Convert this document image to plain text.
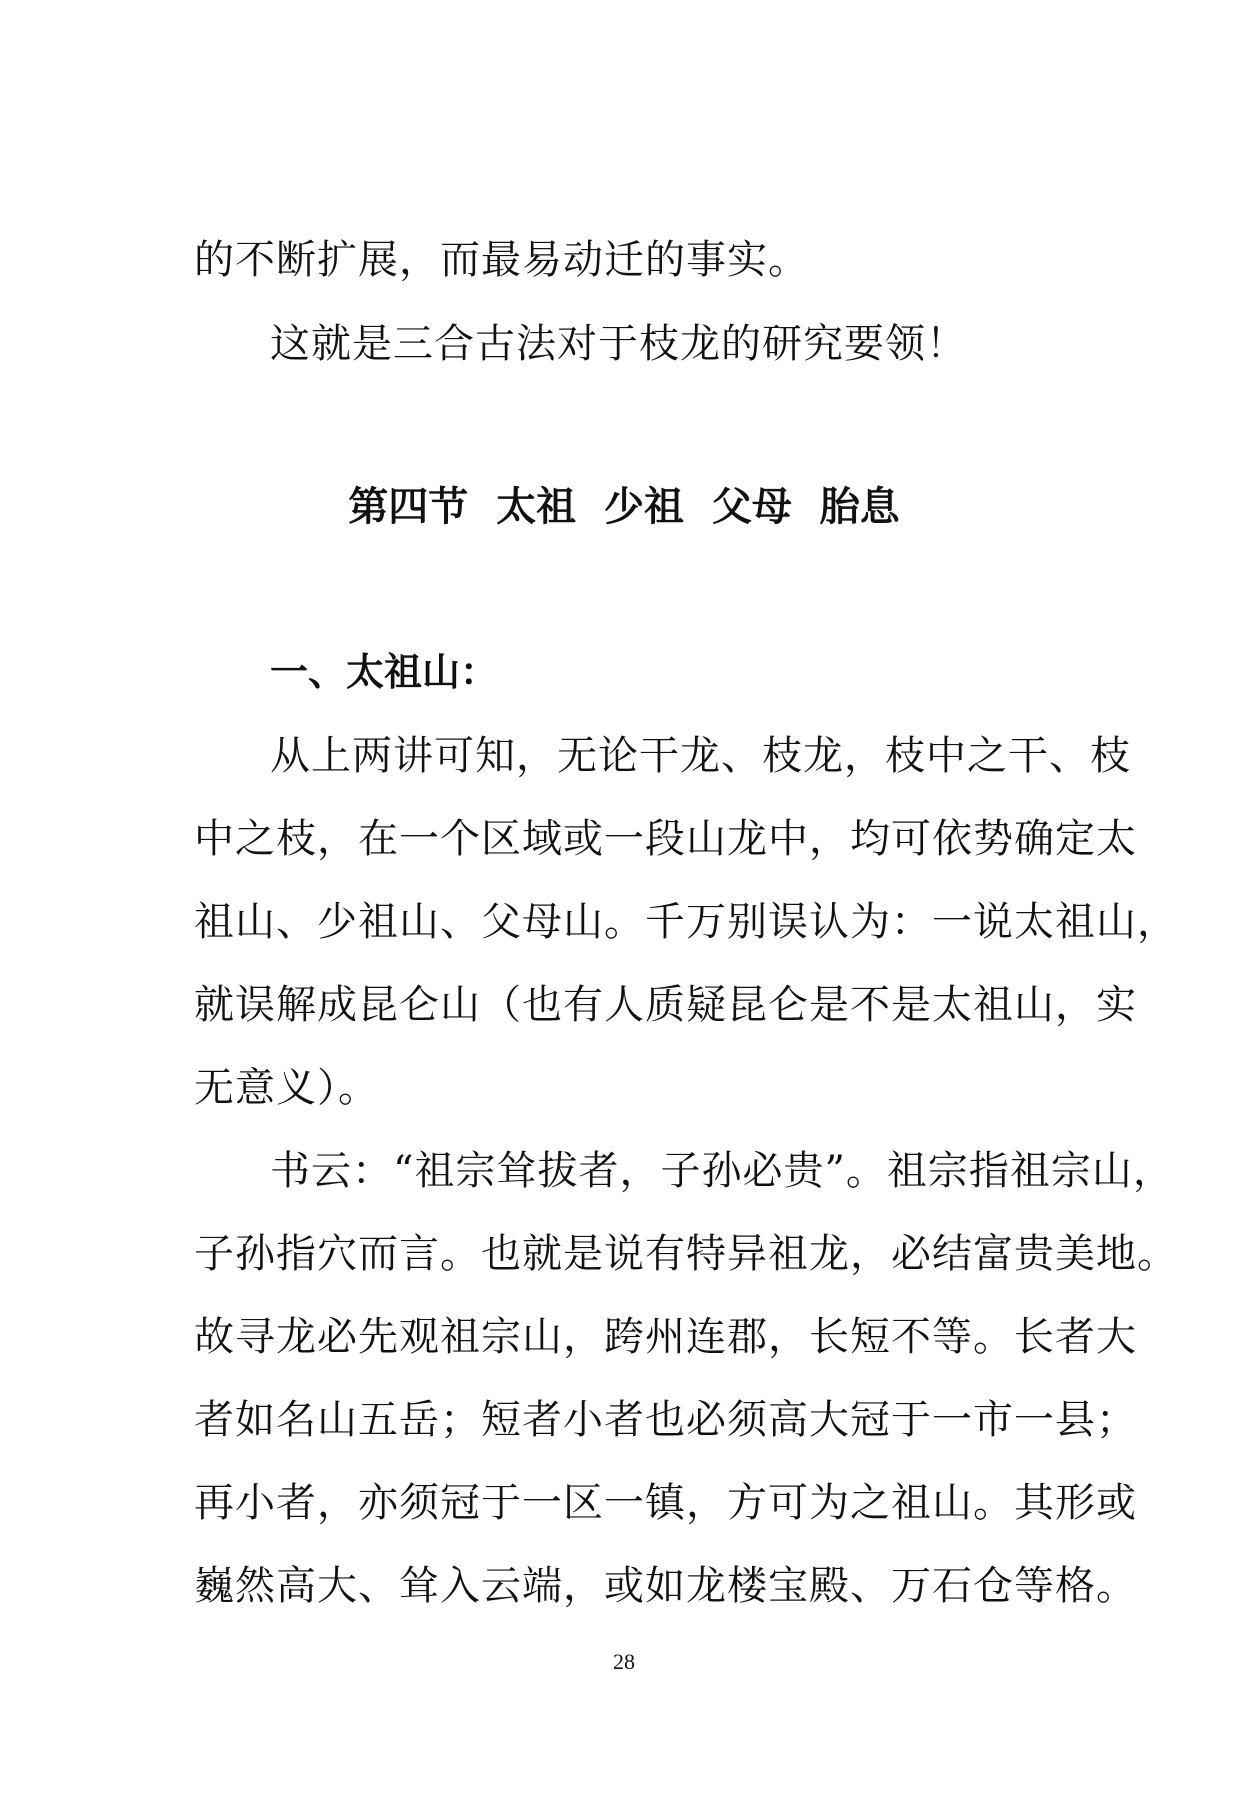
的不断扩展，而最易动迁的事实。
这就是三合古法对于枝龙的研究要领！
第四节  太祖  少祖  父母  胎息
一、太祖山：
从上两讲可知，无论干龙、枝龙，枝中之干、枝
中之枝，在一个区域或一段山龙中，均可依势确定太
祖山、少祖山、父母山。千万别误认为：一说太祖山，
就误解成昆仑山（也有人质疑昆仑是不是太祖山，实
无意义）。
书云：“祖宗耸拔者，子孙必贵”。祖宗指祖宗山，
子孙指穴而言。也就是说有特异祖龙，必结富贵美地。
故寻龙必先观祖宗山，跨州连郡，长短不等。长者大
者如名山五岳；短者小者也必须高大冠于一市一县；
再小者，亦须冠于一区一镇，方可为之祖山。其形或
巍然高大、耸入云端，或如龙楼宝殿、万石仓等格。
28
